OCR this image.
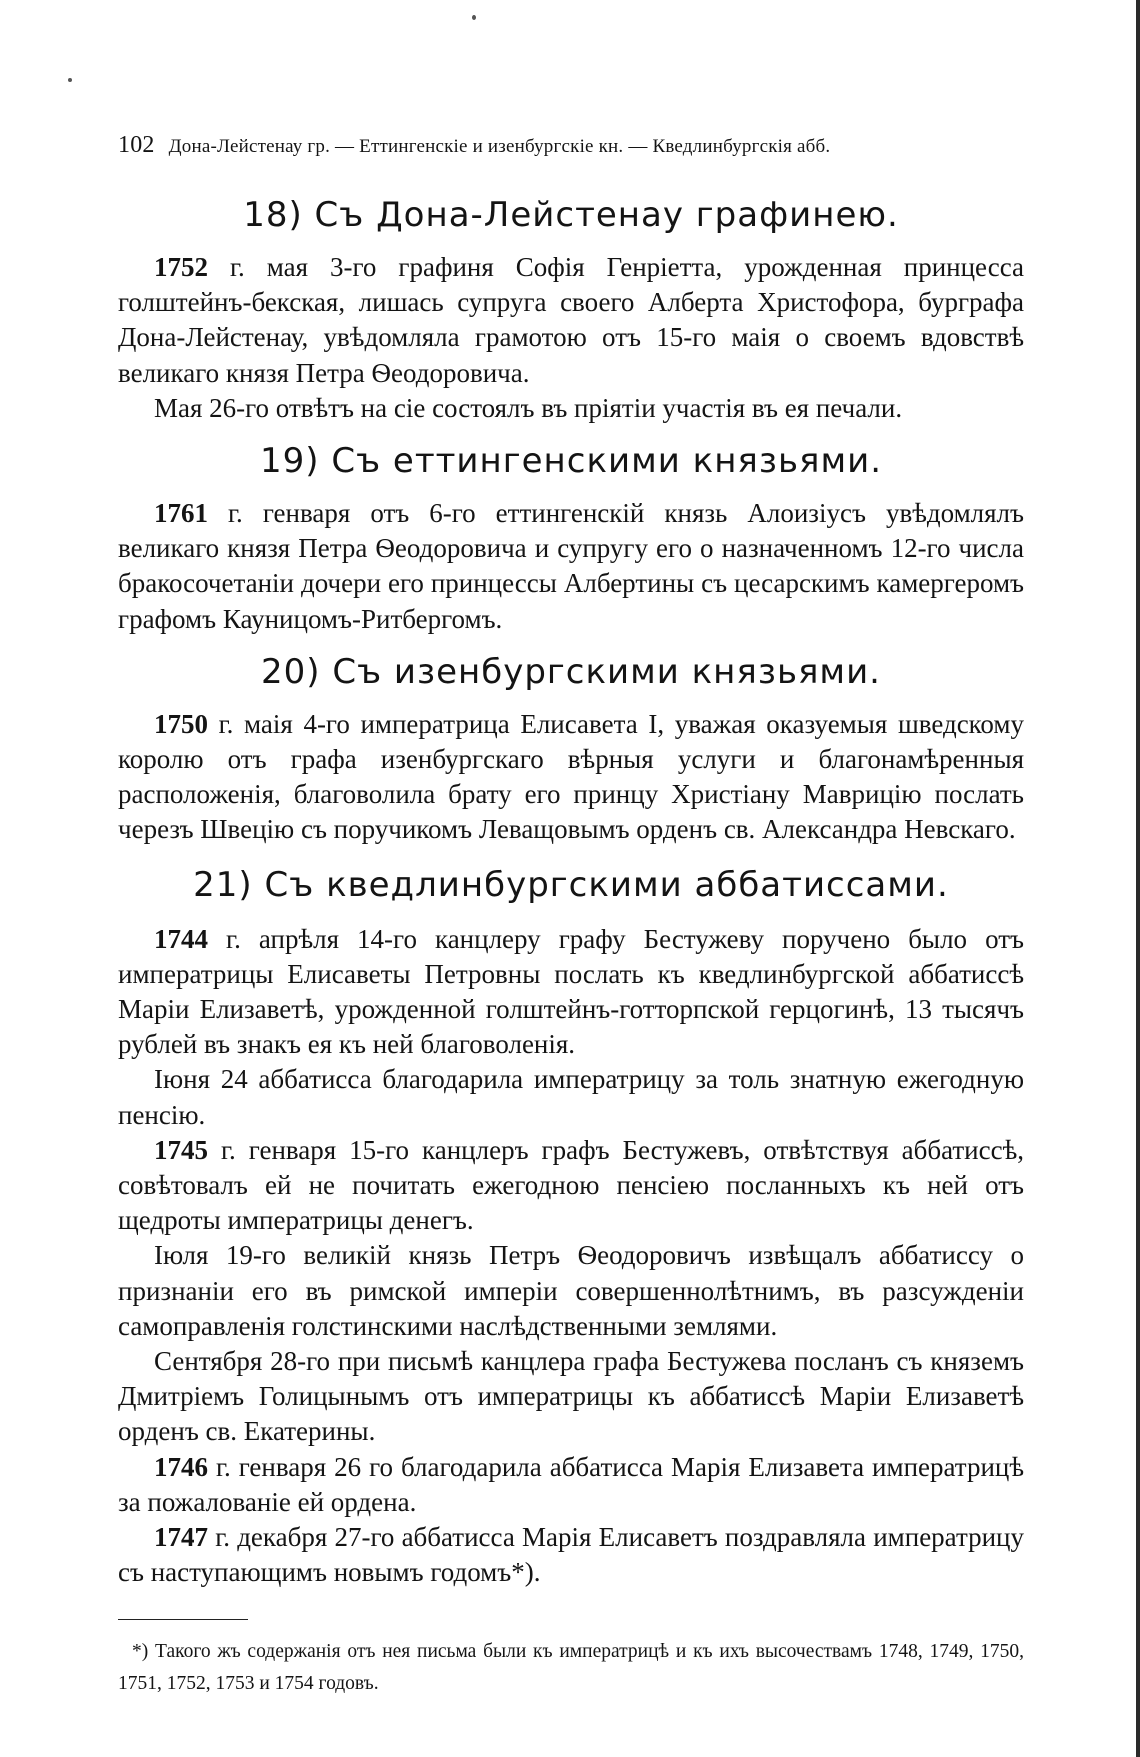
102 Дона-Лейстенау гр. — Еттингенскіе и изенбургскіе кн. — Кведлинбургскія абб.
18) Съ Дона-Лейстенау графинею.

1752 г. мая 3-го графиня Софія Генріетта, урожденная принцесса голштейнъ-бекская, лишась супруга своего Алберта Христофора, бурграфа Дона-Лейстенау, увѣдомляла грамотою отъ 15-го маія о своемъ вдовствѣ великаго князя Петра Ѳеодоровича.

Мая 26-го отвѣтъ на сіе состоялъ въ пріятіи участія въ ея печали.

19) Съ еттингенскими князьями.

1761 г. генваря отъ 6-го еттингенскій князь Алоизіусъ увѣдомлялъ великаго князя Петра Ѳеодоровича и супругу его о назначенномъ 12-го числа бракосочетаніи дочери его принцессы Албертины съ цесарскимъ камергеромъ графомъ Кауницомъ-Ритбергомъ.

20) Съ изенбургскими князьями.

1750 г. маія 4-го императрица Елисавета I, уважая оказуемыя шведскому королю отъ графа изенбургскаго вѣрныя услуги и благонамѣренныя расположенія, благоволила брату его принцу Христіану Маврицію послать черезъ Швецію съ поручикомъ Леващовымъ орденъ св. Александра Невскаго.

21) Съ кведлинбургскими аббатиссами.

1744 г. апрѣля 14-го канцлеру графу Бестужеву поручено было отъ императрицы Елисаветы Петровны послать къ кведлинбургской аббатиссѣ Маріи Елизаветѣ, урожденной голштейнъ-готторпской герцогинѣ, 13 тысячъ рублей въ знакъ ея къ ней благоволенія.

Іюня 24 аббатисса благодарила императрицу за толь знатную ежегодную пенсію.

1745 г. генваря 15-го канцлеръ графъ Бестужевъ, отвѣтствуя аббатиссѣ, совѣтовалъ ей не почитать ежегодною пенсіею посланныхъ къ ней отъ щедроты императрицы денегъ.

Іюля 19-го великій князь Петръ Ѳеодоровичъ извѣщалъ аббатиссу о признаніи его въ римской имперіи совершеннолѣтнимъ, въ разсужденіи самоправленія голстинскими наслѣдственными землями.

Сентября 28-го при письмѣ канцлера графа Бестужева посланъ съ княземъ Дмитріемъ Голицынымъ отъ императрицы къ аббатиссѣ Маріи Елизаветѣ орденъ св. Екатерины.

1746 г. генваря 26 го благодарила аббатисса Марія Елизавета императрицѣ за пожалованіе ей ордена.

1747 г. декабря 27-го аббатисса Марія Елисаветъ поздравляла императрицу съ наступающимъ новымъ годомъ*).

*) Такого жъ содержанія отъ нея письма были къ императрицѣ и къ ихъ высочествамъ 1748, 1749, 1750, 1751, 1752, 1753 и 1754 годовъ.
